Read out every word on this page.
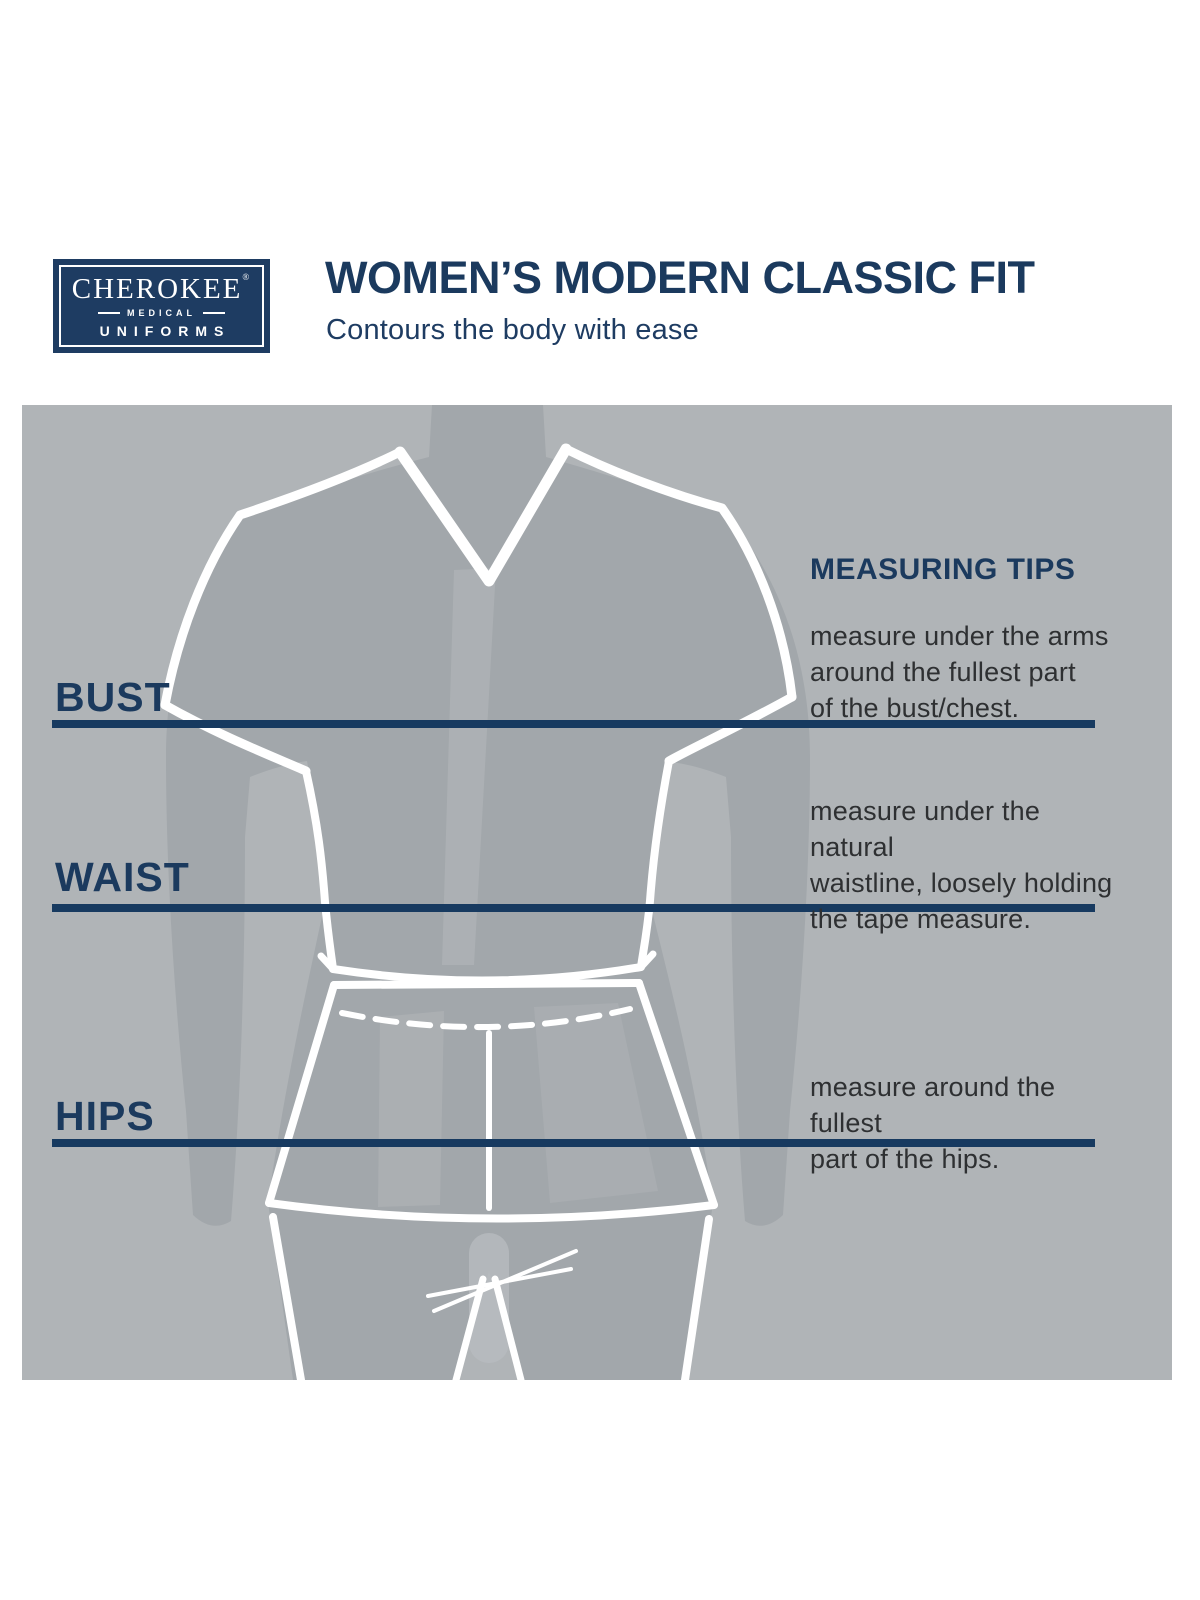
CHEROKEE®
MEDICAL
UNIFORMS
WOMEN’S MODERN CLASSIC FIT
Contours the body with ease
BUST
WAIST
HIPS
MEASURING TIPS
measure under the arms
around the fullest part
of the bust/chest.
measure under the natural
waistline, loosely holding
the tape measure.
measure around the fullest
part of the hips.
